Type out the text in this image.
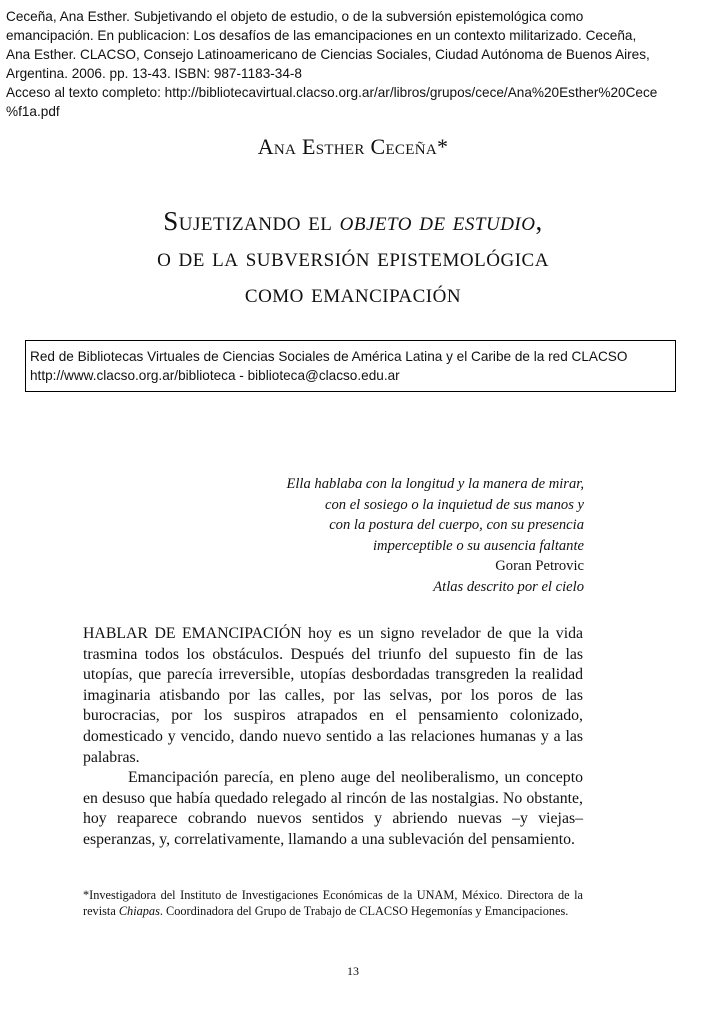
Ceceña, Ana Esther. Subjetivando el objeto de estudio, o de la subversión epistemológica como
emancipación. En publicacion: Los desafíos de las emancipaciones en un contexto militarizado. Ceceña,
Ana Esther. CLACSO, Consejo Latinoamericano de Ciencias Sociales, Ciudad Autónoma de Buenos Aires,
Argentina. 2006. pp. 13-43. ISBN: 987-1183-34-8
Acceso al texto completo: http://bibliotecavirtual.clacso.org.ar/ar/libros/grupos/cece/Ana%20Esther%20Cece
%f1a.pdf
Ana Esther Ceceña*
Sujetizando el objeto de estudio,
o de la subversión epistemológica
como emancipación
Red de Bibliotecas Virtuales de Ciencias Sociales de América Latina y el Caribe de la red CLACSO
http://www.clacso.org.ar/biblioteca - biblioteca@clacso.edu.ar
Ella hablaba con la longitud y la manera de mirar,
con el sosiego o la inquietud de sus manos y
con la postura del cuerpo, con su presencia
imperceptible o su ausencia faltante
Goran Petrovic
Atlas descrito por el cielo

HABLAR DE EMANCIPACIÓN hoy es un signo revelador de que la vida trasmina todos los obstáculos. Después del triunfo del supuesto fin de las utopías, que parecía irreversible, utopías desbordadas transgreden la realidad imaginaria atisbando por las calles, por las selvas, por los poros de las burocracias, por los suspiros atrapados en el pensamiento colonizado, domesticado y vencido, dando nuevo sentido a las relaciones humanas y a las palabras.

Emancipación parecía, en pleno auge del neoliberalismo, un concepto en desuso que había quedado relegado al rincón de las nostalgias. No obstante, hoy reaparece cobrando nuevos sentidos y abriendo nuevas –y viejas– esperanzas, y, correlativamente, llamando a una sublevación del pensamiento.

*Investigadora del Instituto de Investigaciones Económicas de la UNAM, México. Directora de la revista Chiapas. Coordinadora del Grupo de Trabajo de CLACSO Hegemonías y Emancipaciones.
13
